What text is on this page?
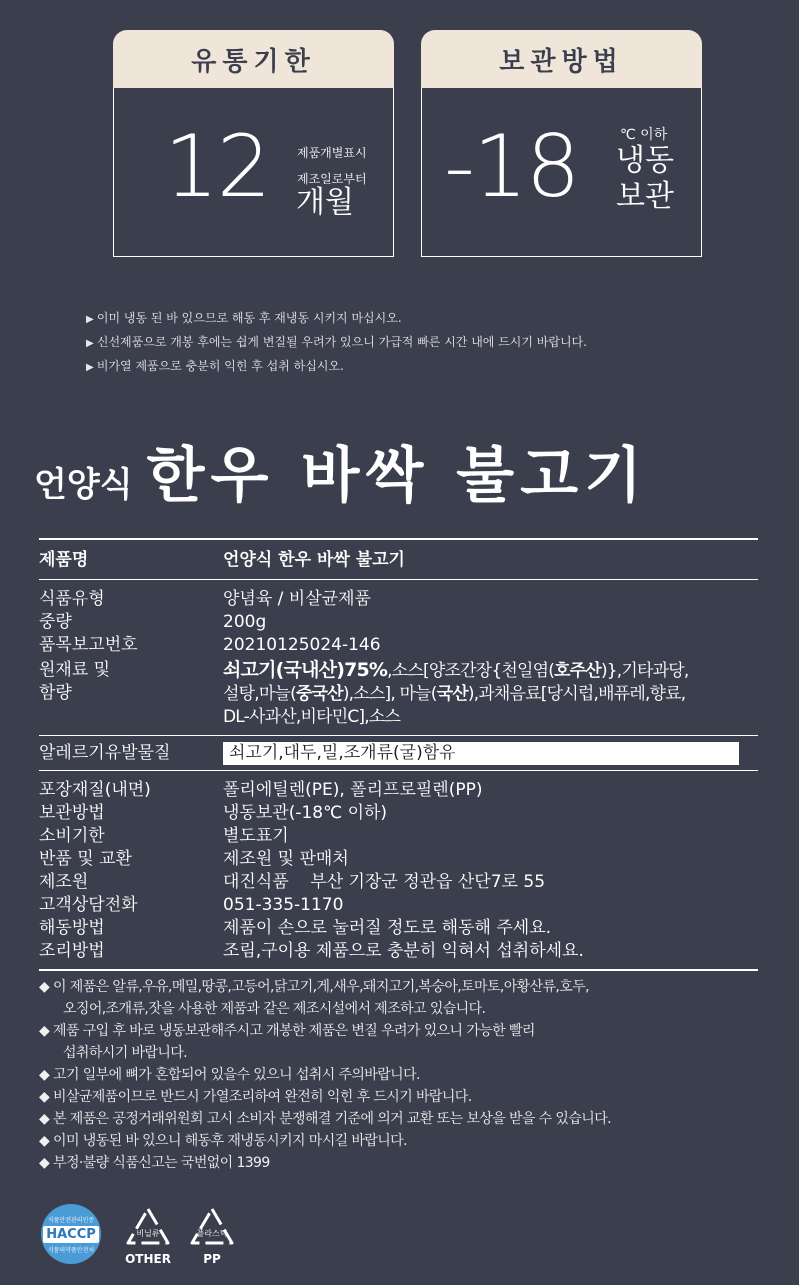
유통기한
12 제품개별표시
제조일로부터
개월
보관방법
-18	℃ 이하
냉동
보관
▶ 이미 냉동 된 바 있으므로 해동 후 재냉동 시키지 마십시오.
▶ 신선제품으로 개봉 후에는 쉽게 변질될 우려가 있으니 가급적 빠른 시간 내에 드시기 바랍니다.
▶ 비가열 제품으로 충분히 익힌 후 섭취 하십시오.
언양식 한우 바싹 불고기
제품명	언양식 한우 바싹 불고기
식품유형	양념육 / 비살균제품
중량	200g
품목보고번호	20210125024-146
원재료 및
함량
쇠고기(국내산)75%,소스[양조간장{천일염(호주산)},기타과당,
설탕,마늘(중국산),소스], 마늘(국산),과채음료[당시럽,배퓨레,향료,
DL-사과산,비타민C],소스
알레르기유발물질	쇠고기,대두,밀,조개류(굴)함유
포장재질(내면)	폴리에틸렌(PE), 폴리프로필렌(PP)
보관방법	냉동보관(-18℃ 이하)
소비기한	별도표기
반품 및 교환	제조원 및 판매처
제조원	대진식품    부산 기장군 정관읍 산단7로 55
고객상담전화	051-335-1170
해동방법	제품이 손으로 눌러질 정도로 해동해 주세요.
조리방법	조림,구이용 제품으로 충분히 익혀서 섭취하세요.
◆ 이 제품은 알류,우유,메밀,땅콩,고등어,닭고기,게,새우,돼지고기,복숭아,토마토,아황산류,호두,
오징어,조개류,잣을 사용한 제품과 같은 제조시설에서 제조하고 있습니다.
◆ 제품 구입 후 바로 냉동보관해주시고 개봉한 제품은 변질 우려가 있으니 가능한 빨리
섭취하시기 바랍니다.
◆ 고기 일부에 뼈가 혼합되어 있을수 있으니 섭취시 주의바랍니다.
◆ 비살균제품이므로 반드시 가열조리하여 완전히 익힌 후 드시기 바랍니다.
◆ 본 제품은 공정거래위원회 고시 소비자 분쟁해결 기준에 의거 교환 또는 보상을 받을 수 있습니다.
◆ 이미 냉동된 바 있으니 해동후 재냉동시키지 마시길 바랍니다.
◆ 부정·불량 식품신고는 국번없이 1399
식품안전관리인증
HACCP
식품의약품안전처
비닐류
OTHER
플라스틱
PP
